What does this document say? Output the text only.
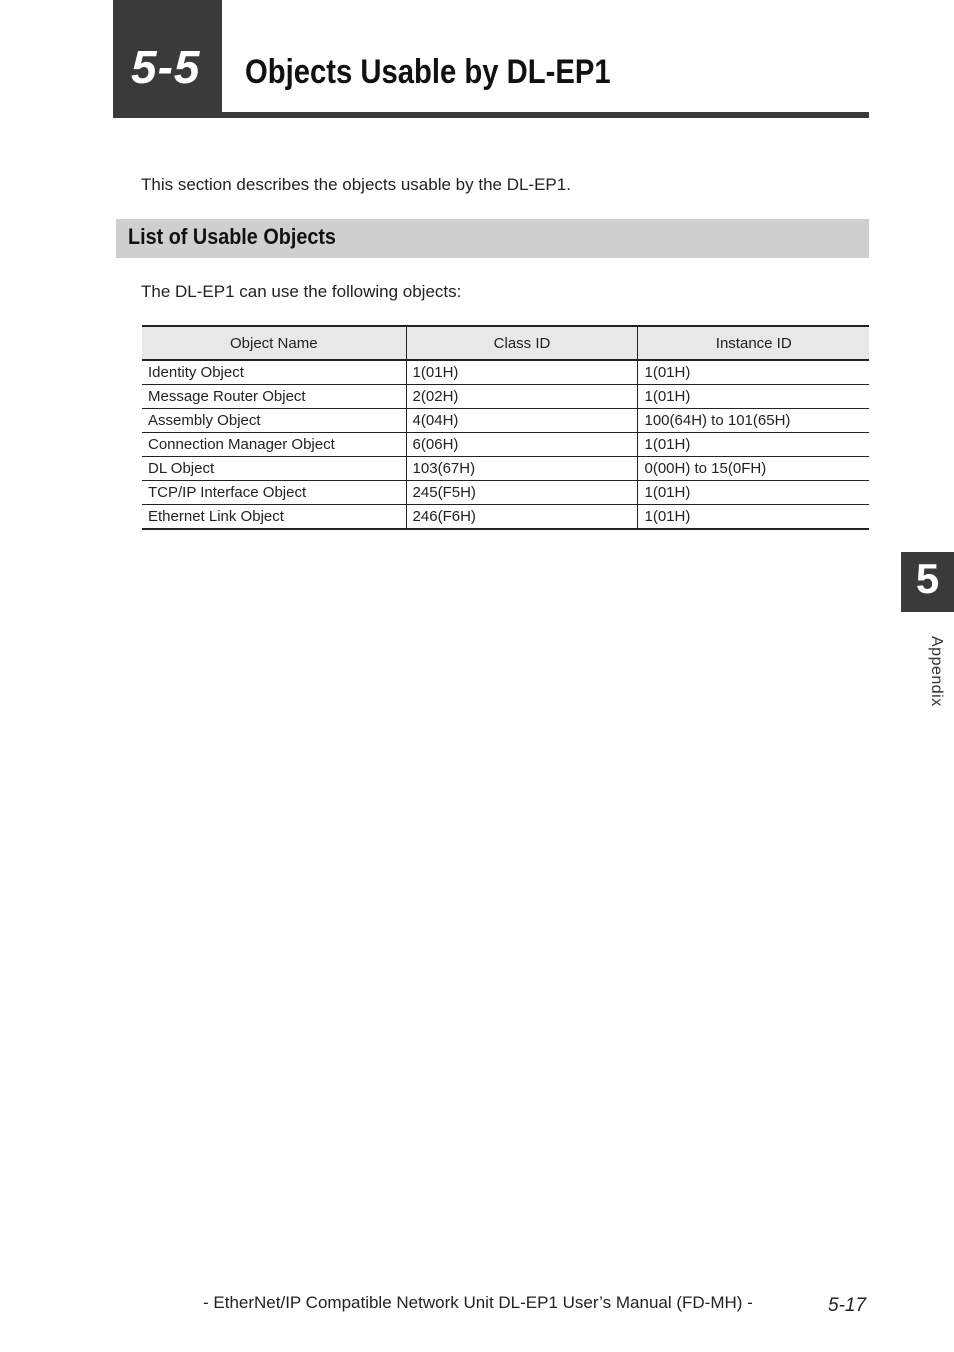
5-5 Objects Usable by DL-EP1

This section describes the objects usable by the DL-EP1.

List of Usable Objects

The DL-EP1 can use the following objects:

Object Name	Class ID	Instance ID
Identity Object	1(01H)	1(01H)
Message Router Object	2(02H)	1(01H)
Assembly Object	4(04H)	100(64H) to 101(65H)
Connection Manager Object	6(06H)	1(01H)
DL Object	103(67H)	0(00H) to 15(0FH)
TCP/IP Interface Object	245(F5H)	1(01H)
Ethernet Link Object	246(F6H)	1(01H)
5
Appendix
- EtherNet/IP Compatible Network Unit DL-EP1 User’s Manual (FD-MH) -	5-17
